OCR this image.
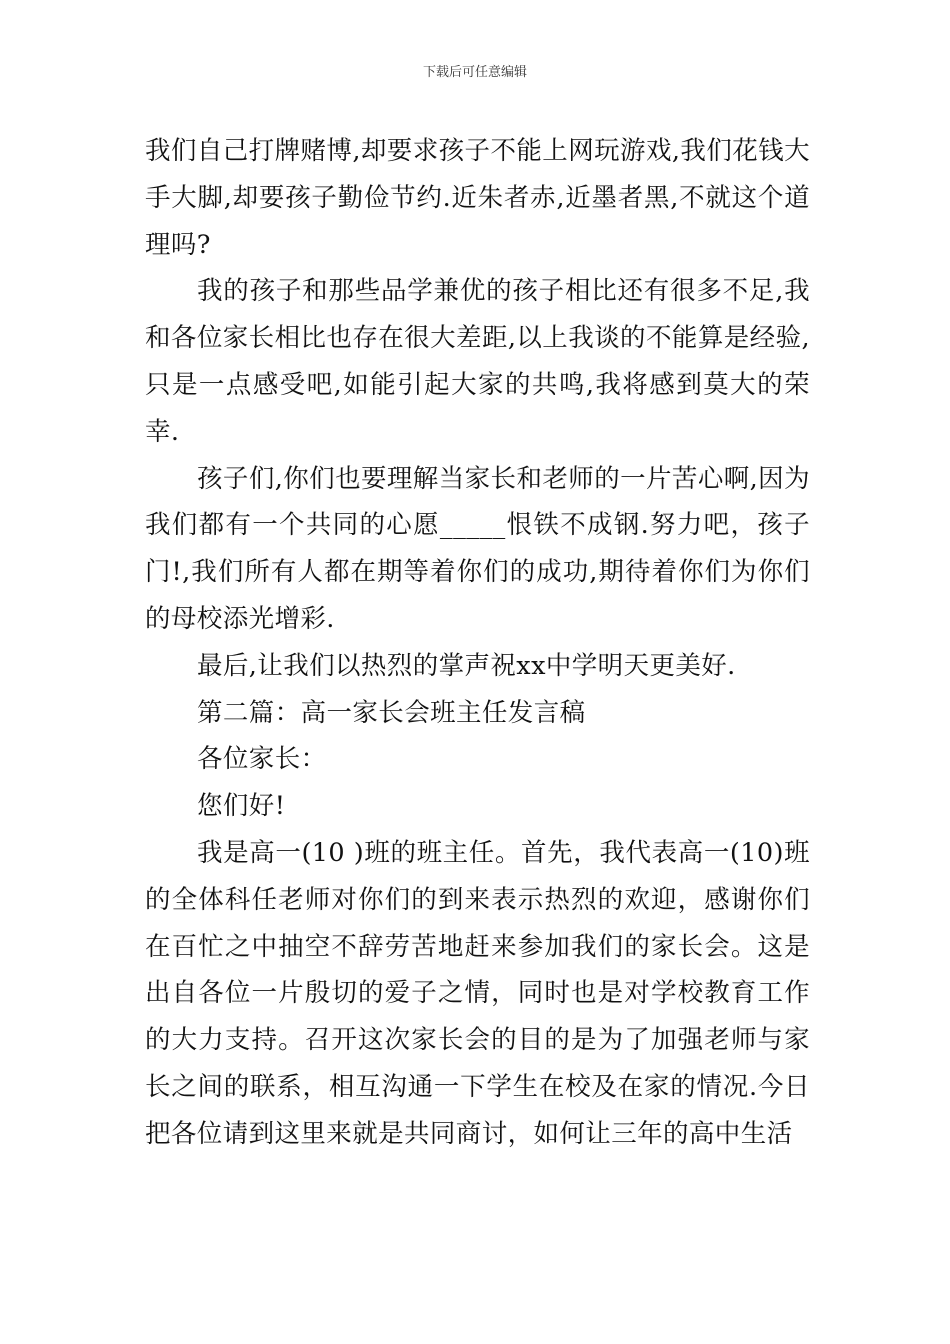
下载后可任意编辑

我们自己打牌赌博,却要求孩子不能上网玩游戏,我们花钱大手大脚,却要孩子勤俭节约.近朱者赤,近墨者黑,不就这个道理吗?

我的孩子和那些品学兼优的孩子相比还有很多不足,我和各位家长相比也存在很大差距,以上我谈的不能算是经验,只是一点感受吧,如能引起大家的共鸣,我将感到莫大的荣幸.

孩子们,你们也要理解当家长和老师的一片苦心啊,因为我们都有一个共同的心愿_____恨铁不成钢.努力吧，孩子门!,我们所有人都在期等着你们的成功,期待着你们为你们的母校添光增彩.

最后,让我们以热烈的掌声祝xx中学明天更美好.

第二篇：高一家长会班主任发言稿

各位家长：

您们好!

我是高一(10 )班的班主任。首先，我代表高一(10)班的全体科任老师对你们的到来表示热烈的欢迎，感谢你们在百忙之中抽空不辞劳苦地赶来参加我们的家长会。这是出自各位一片殷切的爱子之情，同时也是对学校教育工作的大力支持。召开这次家长会的目的是为了加强老师与家长之间的联系，相互沟通一下学生在校及在家的情况.今日把各位请到这里来就是共同商讨，如何让三年的高中生活
